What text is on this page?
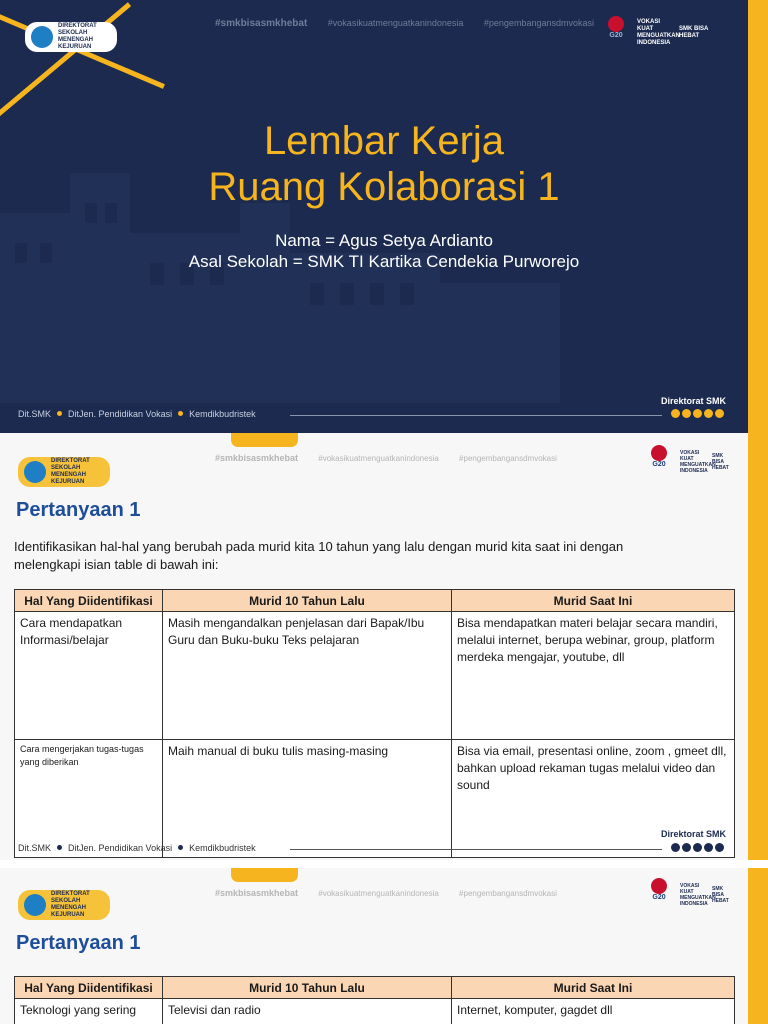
DIREKTORAT
SEKOLAH MENENGAH
KEJURUAN
#smkbisasmkhebat #vokasikuatmenguatkanindonesia #pengembangansdmvokasi
G20
VOKASI KUAT MENGUATKAN INDONESIA
SMK BISA HEBAT
Lembar Kerja
Ruang Kolaborasi 1
Nama = Agus Setya Ardianto
Asal Sekolah = SMK TI Kartika Cendekia Purworejo
Dit.SMK DitJen. Pendidikan Vokasi Kemdikbudristek
Direktorat SMK
DIREKTORAT
SEKOLAH MENENGAH
KEJURUAN
#smkbisasmkhebat	#vokasikuatmenguatkanindonesia	#pengembangansdmvokasi
G20
VOKASI KUAT MENGUATKAN INDONESIA
SMK BISA HEBAT
Pertanyaan 1
Identifikasikan hal-hal yang berubah pada murid kita 10 tahun yang lalu dengan murid kita saat ini dengan melengkapi isian table di bawah ini:
Hal Yang Diidentifikasi	Murid 10 Tahun Lalu	Murid Saat Ini
Cara mendapatkan Informasi/belajar	Masih mengandalkan penjelasan dari Bapak/Ibu Guru dan Buku-buku Teks pelajaran	Bisa mendapatkan materi belajar secara mandiri, melalui internet, berupa webinar, group, platform merdeka mengajar, youtube, dll
Cara mengerjakan tugas-tugas yang diberikan	Maih manual di buku tulis masing-masing	Bisa via email, presentasi online, zoom , gmeet dll, bahkan upload rekaman tugas melalui video dan sound
Dit.SMK DitJen. Pendidikan Vokasi Kemdikbudristek
Direktorat SMK
DIREKTORAT
SEKOLAH MENENGAH
KEJURUAN
#smkbisasmkhebat	#vokasikuatmenguatkanindonesia	#pengembangansdmvokasi	G20
VOKASI KUAT MENGUATKAN INDONESIA
SMK BISA HEBAT
Pertanyaan 1
Hal Yang Diidentifikasi	Murid 10 Tahun Lalu	Murid Saat Ini
Teknologi yang sering	Televisi dan radio	Internet, komputer, gagdet dll
